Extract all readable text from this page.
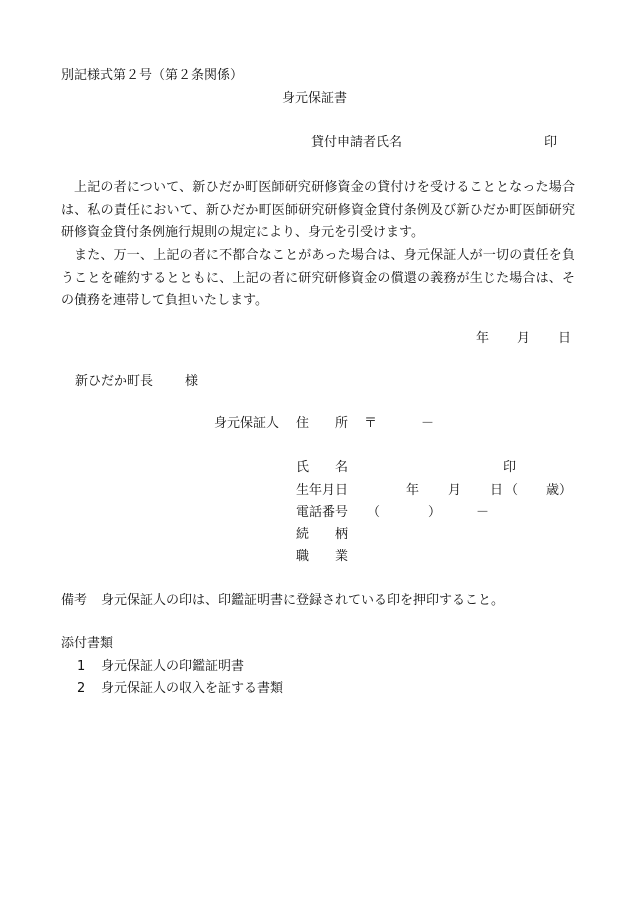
別記様式第２号（第２条関係）
身元保証書
貸付申請者氏名	印
上記の者について、新ひだか町医師研究研修資金の貸付けを受けることとなった場合は、私の責任において、新ひだか町医師研究研修資金貸付条例及び新ひだか町医師研究研修資金貸付条例施行規則の規定により、身元を引受けます。
また、万一、上記の者に不都合なことがあった場合は、身元保証人が一切の責任を負うことを確約するとともに、上記の者に研究研修資金の償還の義務が生じた場合は、その債務を連帯して負担いたします。
年 月 日
新ひだか町長 様
身元保証人 住　　所 〒	－
氏　　名	印
生年月日	年 月 日 （ 歳）
電話番号 （	）	－
続　　柄
職　　業
備考 身元保証人の印は、印鑑証明書に登録されている印を押印すること。
添付書類
1 身元保証人の印鑑証明書
2 身元保証人の収入を証する書類
